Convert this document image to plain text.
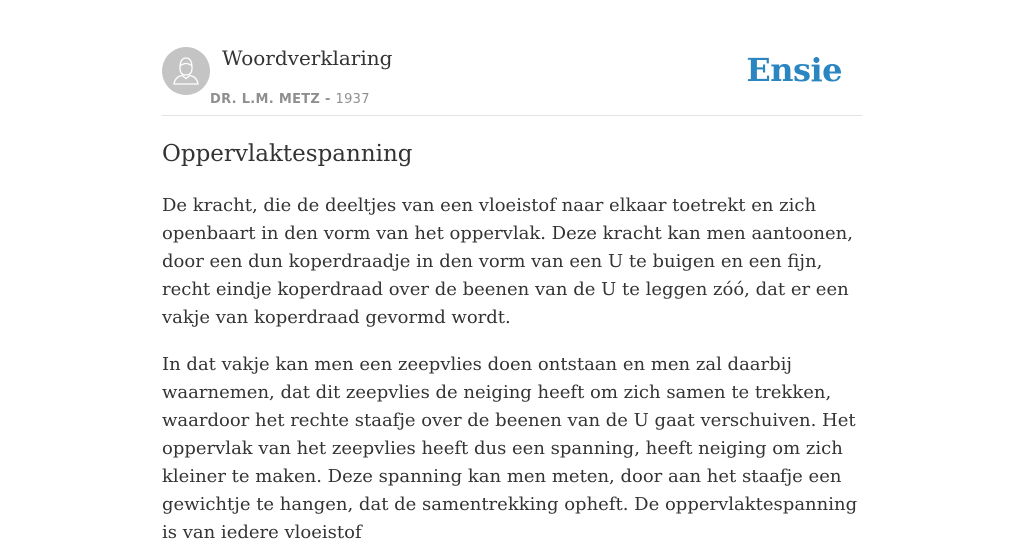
Woordverklaring
DR. L.M. METZ - 1937
Ensie
Oppervlaktespanning

De kracht, die de deeltjes van een vloeistof naar elkaar toetrekt en zich openbaart in den vorm van het oppervlak. Deze kracht kan men aantoonen, door een dun koperdraadje in den vorm van een U te buigen en een fijn, recht eindje koperdraad over de beenen van de U te leggen zóó, dat er een vakje van koperdraad gevormd wordt.

In dat vakje kan men een zeepvlies doen ontstaan en men zal daarbij waarnemen, dat dit zeepvlies de neiging heeft om zich samen te trekken, waardoor het rechte staafje over de beenen van de U gaat verschuiven. Het oppervlak van het zeepvlies heeft dus een spanning, heeft neiging om zich kleiner te maken. Deze spanning kan men meten, door aan het staafje een gewichtje te hangen, dat de samentrekking opheft. De oppervlaktespanning is van iedere vloeistof
